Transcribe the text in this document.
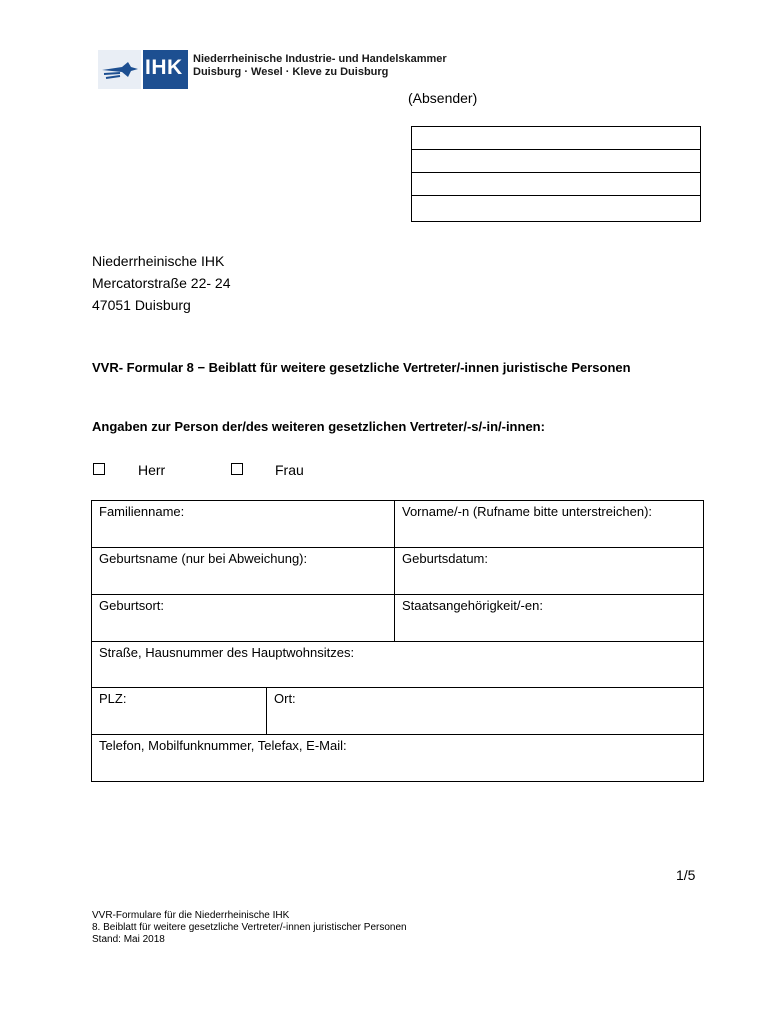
IHK Niederrheinische Industrie- und Handelskammer
Duisburg · Wesel · Kleve zu Duisburg
(Absender)
Niederrheinische IHK
Mercatorstraße 22- 24
47051 Duisburg
VVR- Formular 8 − Beiblatt für weitere gesetzliche Vertreter/-innen juristische Personen
Angaben zur Person der/des weiteren gesetzlichen Vertreter/-s/-in/-innen:
Herr	Frau
Familienname:	Vorname/-n (Rufname bitte unterstreichen):
Geburtsname (nur bei Abweichung):	Geburtsdatum:
Geburtsort:	Staatsangehörigkeit/-en:
Straße, Hausnummer des Hauptwohnsitzes:
PLZ:	Ort:
Telefon, Mobilfunknummer, Telefax, E-Mail:
1/5
VVR-Formulare für die Niederrheinische IHK
8. Beiblatt für weitere gesetzliche Vertreter/-innen juristischer Personen
Stand: Mai 2018
